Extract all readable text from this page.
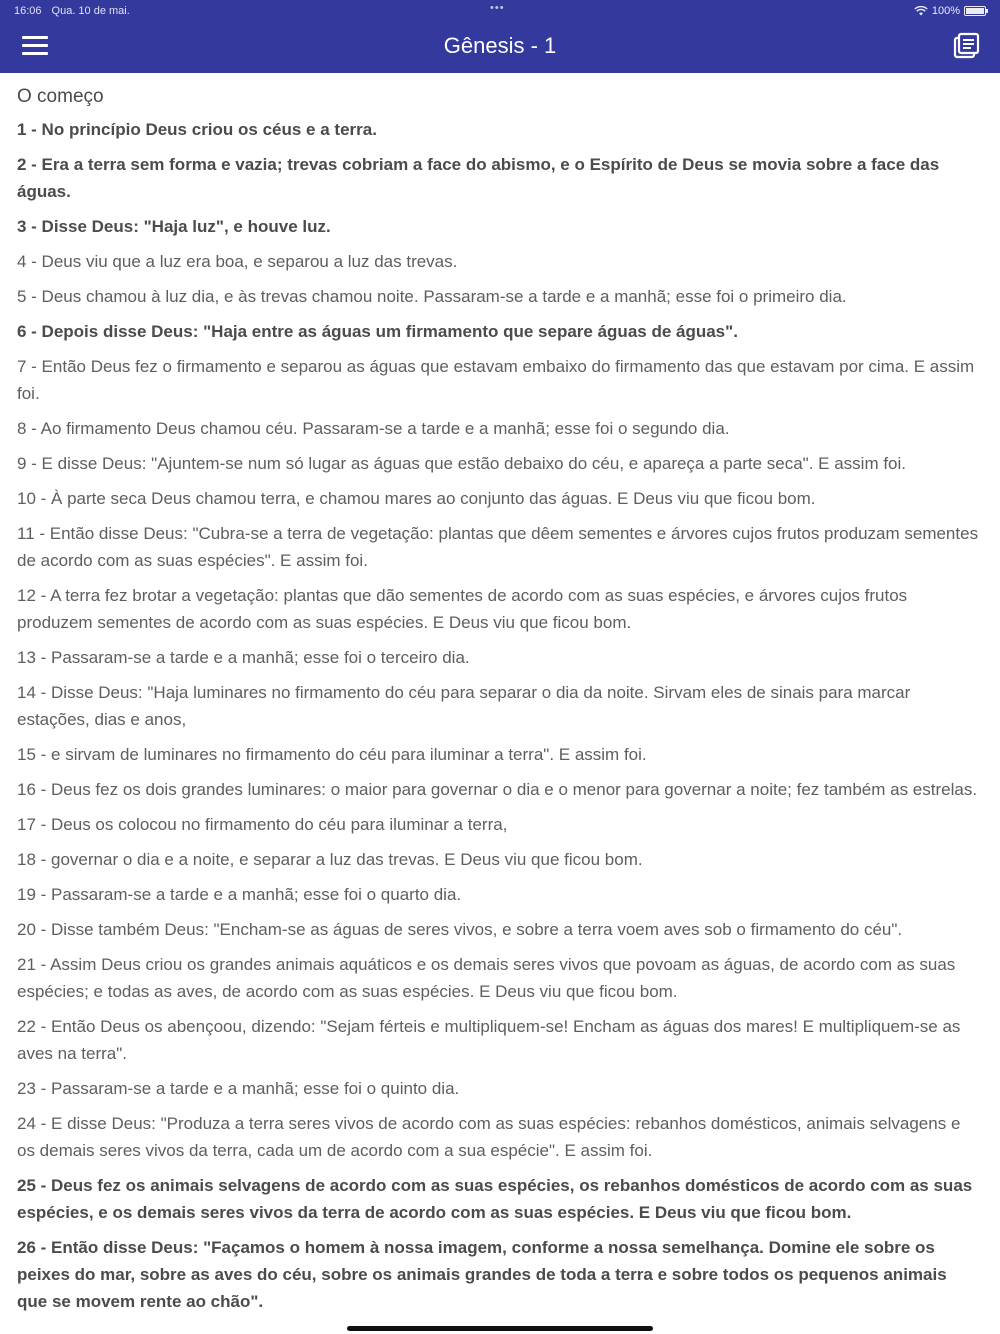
16:06 Qua. 10 de mai.	•••	100%
Gênesis - 1
O começo
1 - No princípio Deus criou os céus e a terra.
2 - Era a terra sem forma e vazia; trevas cobriam a face do abismo, e o Espírito de Deus se movia sobre a face das águas.
3 - Disse Deus: "Haja luz", e houve luz.
4 - Deus viu que a luz era boa, e separou a luz das trevas.
5 - Deus chamou à luz dia, e às trevas chamou noite. Passaram-se a tarde e a manhã; esse foi o primeiro dia.
6 - Depois disse Deus: "Haja entre as águas um firmamento que separe águas de águas".
7 - Então Deus fez o firmamento e separou as águas que estavam embaixo do firmamento das que estavam por cima. E assim foi.
8 - Ao firmamento Deus chamou céu. Passaram-se a tarde e a manhã; esse foi o segundo dia.
9 - E disse Deus: "Ajuntem-se num só lugar as águas que estão debaixo do céu, e apareça a parte seca". E assim foi.
10 - À parte seca Deus chamou terra, e chamou mares ao conjunto das águas. E Deus viu que ficou bom.
11 - Então disse Deus: "Cubra-se a terra de vegetação: plantas que dêem sementes e árvores cujos frutos produzam sementes de acordo com as suas espécies". E assim foi.
12 - A terra fez brotar a vegetação: plantas que dão sementes de acordo com as suas espécies, e árvores cujos frutos produzem sementes de acordo com as suas espécies. E Deus viu que ficou bom.
13 - Passaram-se a tarde e a manhã; esse foi o terceiro dia.
14 - Disse Deus: "Haja luminares no firmamento do céu para separar o dia da noite. Sirvam eles de sinais para marcar estações, dias e anos,
15 - e sirvam de luminares no firmamento do céu para iluminar a terra". E assim foi.
16 - Deus fez os dois grandes luminares: o maior para governar o dia e o menor para governar a noite; fez também as estrelas.
17 - Deus os colocou no firmamento do céu para iluminar a terra,
18 - governar o dia e a noite, e separar a luz das trevas. E Deus viu que ficou bom.
19 - Passaram-se a tarde e a manhã; esse foi o quarto dia.
20 - Disse também Deus: "Encham-se as águas de seres vivos, e sobre a terra voem aves sob o firmamento do céu".
21 - Assim Deus criou os grandes animais aquáticos e os demais seres vivos que povoam as águas, de acordo com as suas espécies; e todas as aves, de acordo com as suas espécies. E Deus viu que ficou bom.
22 - Então Deus os abençoou, dizendo: "Sejam férteis e multipliquem-se! Encham as águas dos mares! E multipliquem-se as aves na terra".
23 - Passaram-se a tarde e a manhã; esse foi o quinto dia.
24 - E disse Deus: "Produza a terra seres vivos de acordo com as suas espécies: rebanhos domésticos, animais selvagens e os demais seres vivos da terra, cada um de acordo com a sua espécie". E assim foi.
25 - Deus fez os animais selvagens de acordo com as suas espécies, os rebanhos domésticos de acordo com as suas espécies, e os demais seres vivos da terra de acordo com as suas espécies. E Deus viu que ficou bom.
26 - Então disse Deus: "Façamos o homem à nossa imagem, conforme a nossa semelhança. Domine ele sobre os peixes do mar, sobre as aves do céu, sobre os animais grandes de toda a terra e sobre todos os pequenos animais que se movem rente ao chão".
